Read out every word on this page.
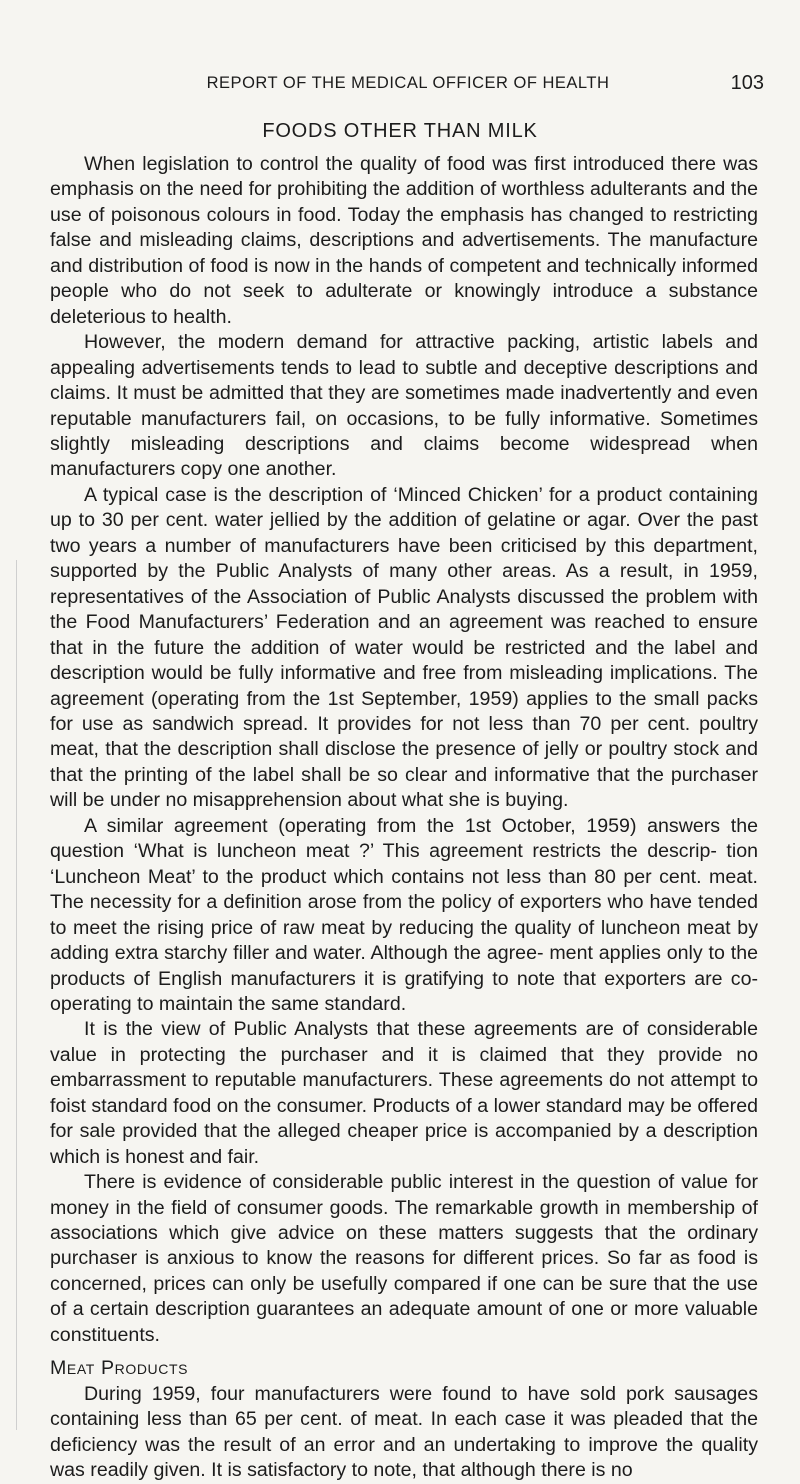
REPORT OF THE MEDICAL OFFICER OF HEALTH	103
FOODS OTHER THAN MILK

When legislation to control the quality of food was first introduced there was emphasis on the need for prohibiting the addition of worthless adulterants and the use of poisonous colours in food. Today the emphasis has changed to restricting false and misleading claims, descriptions and advertisements. The manufacture and distribution of food is now in the hands of competent and technically informed people who do not seek to adulterate or knowingly introduce a substance deleterious to health.

However, the modern demand for attractive packing, artistic labels and appealing advertisements tends to lead to subtle and deceptive descriptions and claims. It must be admitted that they are sometimes made inadvertently and even reputable manufacturers fail, on occasions, to be fully informative. Sometimes slightly misleading descriptions and claims become widespread when manufacturers copy one another.

A typical case is the description of ‘Minced Chicken’ for a product containing up to 30 per cent. water jellied by the addition of gelatine or agar. Over the past two years a number of manufacturers have been criticised by this department, supported by the Public Analysts of many other areas. As a result, in 1959, representatives of the Association of Public Analysts discussed the problem with the Food Manufacturers’ Federation and an agreement was reached to ensure that in the future the addition of water would be restricted and the label and description would be fully informative and free from misleading implications. The agreement (operating from the 1st September, 1959) applies to the small packs for use as sandwich spread. It provides for not less than 70 per cent. poultry meat, that the description shall disclose the presence of jelly or poultry stock and that the printing of the label shall be so clear and informative that the purchaser will be under no misapprehension about what she is buying.

A similar agreement (operating from the 1st October, 1959) answers the question ‘What is luncheon meat ?’ This agreement restricts the descrip- tion ‘Luncheon Meat’ to the product which contains not less than 80 per cent. meat. The necessity for a definition arose from the policy of exporters who have tended to meet the rising price of raw meat by reducing the quality of luncheon meat by adding extra starchy filler and water. Although the agree- ment applies only to the products of English manufacturers it is gratifying to note that exporters are co-operating to maintain the same standard.

It is the view of Public Analysts that these agreements are of considerable value in protecting the purchaser and it is claimed that they provide no embarrassment to reputable manufacturers. These agreements do not attempt to foist standard food on the consumer. Products of a lower standard may be offered for sale provided that the alleged cheaper price is accompanied by a description which is honest and fair.

There is evidence of considerable public interest in the question of value for money in the field of consumer goods. The remarkable growth in membership of associations which give advice on these matters suggests that the ordinary purchaser is anxious to know the reasons for different prices. So far as food is concerned, prices can only be usefully compared if one can be sure that the use of a certain description guarantees an adequate amount of one or more valuable constituents.

Meat Products

During 1959, four manufacturers were found to have sold pork sausages containing less than 65 per cent. of meat. In each case it was pleaded that the deficiency was the result of an error and an undertaking to improve the quality was readily given. It is satisfactory to note, that although there is no
